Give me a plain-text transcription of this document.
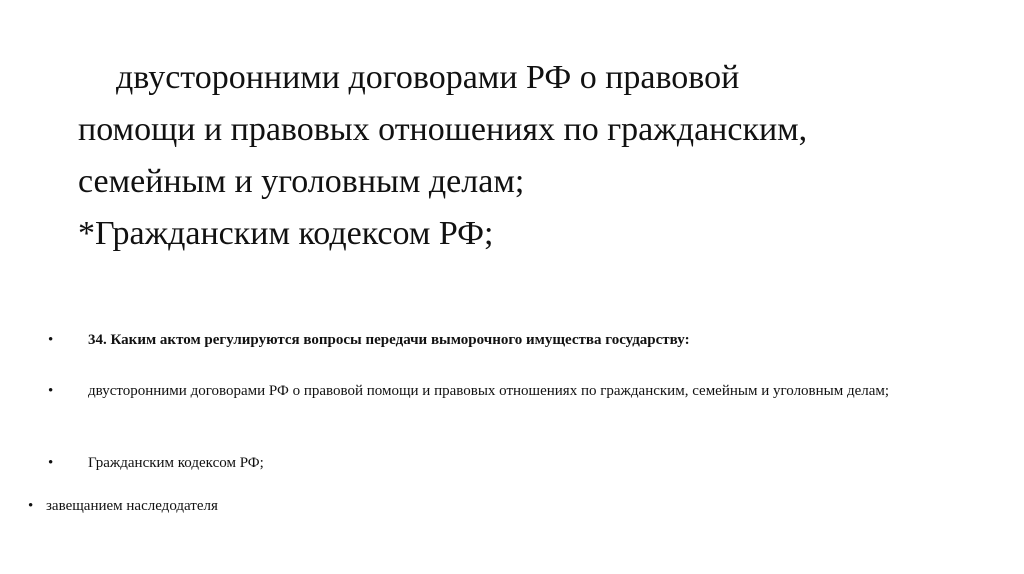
двусторонними договорами РФ о правовой
помощи и правовых отношениях по гражданским,
семейным и уголовным делам;
*Гражданским кодексом РФ;
• 34. Каким актом регулируются вопросы передачи выморочного имущества государству:
• двусторонними договорами РФ о правовой помощи и правовых отношениях по гражданским, семейным и уголовным делам;
• Гражданским кодексом РФ;
• завещанием наследодателя
